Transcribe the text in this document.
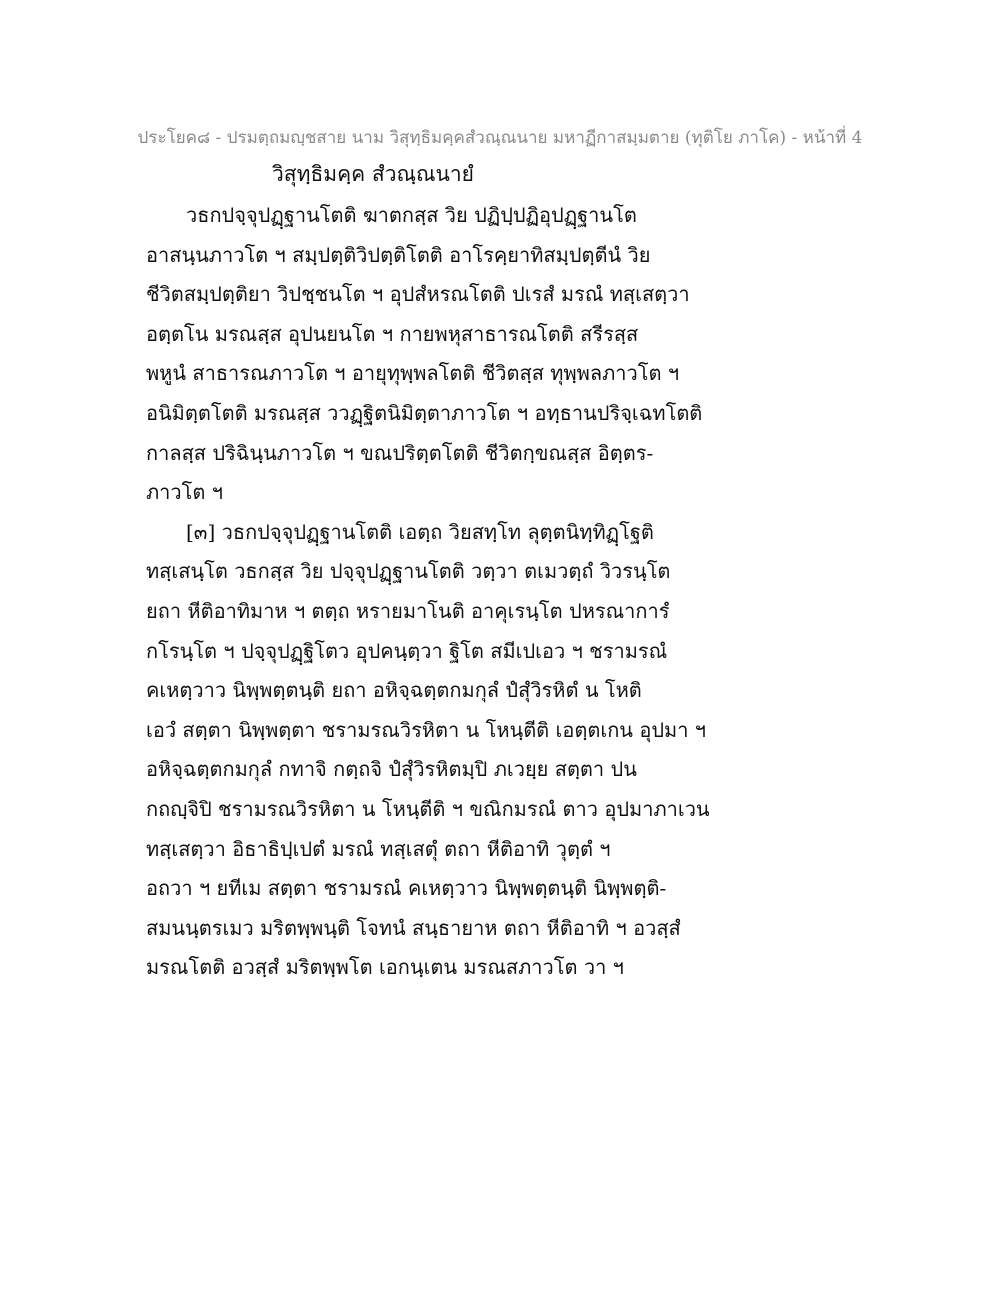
ประโยค๘ - ปรมตฺถมญฺชสาย นาม วิสุทฺธิมคฺคสํวณฺณนาย มหาฏีกาสมฺมตาย (ทุติโย ภาโค) - หน้าที่ 4
วิสุทฺธิมคฺค สํวณฺณนายํ
วธกปจฺจุปฏฺฐานโตติ ฆาตกสฺส วิย ปฏิปฺปฏิอุปฏฺฐานโต
อาสนฺนภาวโต ฯ สมฺปตฺติวิปตฺติโตติ อาโรคฺยาทิสมฺปตฺตีนํ วิย
ชีวิตสมฺปตฺติยา วิปชฺชนโต ฯ อุปสํหรณโตติ ปเรสํ มรณํ ทสฺเสตฺวา
อตฺตโน มรณสฺส อุปนยนโต ฯ กายพหุสาธารณโตติ สรีรสฺส
พหูนํ สาธารณภาวโต ฯ อายุทุพฺพลโตติ ชีวิตสฺส ทุพฺพลภาวโต ฯ
อนิมิตฺตโตติ มรณสฺส ววฏฺฐิตนิมิตฺตาภาวโต ฯ อทฺธานปริจฺเฉทโตติ
กาลสฺส ปริฉินฺนภาวโต ฯ ขณปริตฺตโตติ ชีวิตกฺขณสฺส อิตฺตร-
ภาวโต ฯ
[๓] วธกปจฺจุปฏฺฐานโตติ เอตฺถ วิยสทฺโท ลุตฺตนิทฺทิฏฺโฐติ
ทสฺเสนฺโต วธกสฺส วิย ปจฺจุปฏฺฐานโตติ วตฺวา ตเมวตฺถํ วิวรนฺโต
ยถา หีติอาทิมาห ฯ ตตฺถ หรายมาโนติ อาคุเรนฺโต ปหรณาการํ
กโรนฺโต ฯ ปจฺจุปฏฺฐิโตว อุปคนฺตฺวา ฐิโต สมีเปเอว ฯ ชรามรณํ
คเหตฺวาว นิพฺพตฺตนฺติ ยถา อหิจฺฉตฺตกมกุลํ ปํสุํวิรหิตํ น โหติ
เอวํ สตฺตา นิพฺพตฺตา ชรามรณวิรหิตา น โหนฺตีติ เอตฺตเกน อุปมา ฯ
อหิจฺฉตฺตกมกุลํ กทาจิ กตฺถจิ ปํสุํวิรหิตมฺปิ ภเวยฺย สตฺตา ปน
กถญฺจิปิ ชรามรณวิรหิตา น โหนฺตีติ ฯ ขณิกมรณํ ตาว อุปมาภาเวน
ทสฺเสตฺวา อิธาธิปฺเปตํ มรณํ ทสฺเสตุํ ตถา หีติอาทิ วุตฺตํ ฯ
อถวา ฯ ยทีเม สตฺตา ชรามรณํ คเหตฺวาว นิพฺพตฺตนฺติ นิพฺพตฺติ-
สมนนฺตรเมว มริตพฺพนฺติ โจทนํ สนฺธายาห ตถา หีติอาทิ ฯ อวสฺสํ
มรณโตติ อวสฺสํ มริตพฺพโต เอกนฺเตน มรณสภาวโต วา ฯ
